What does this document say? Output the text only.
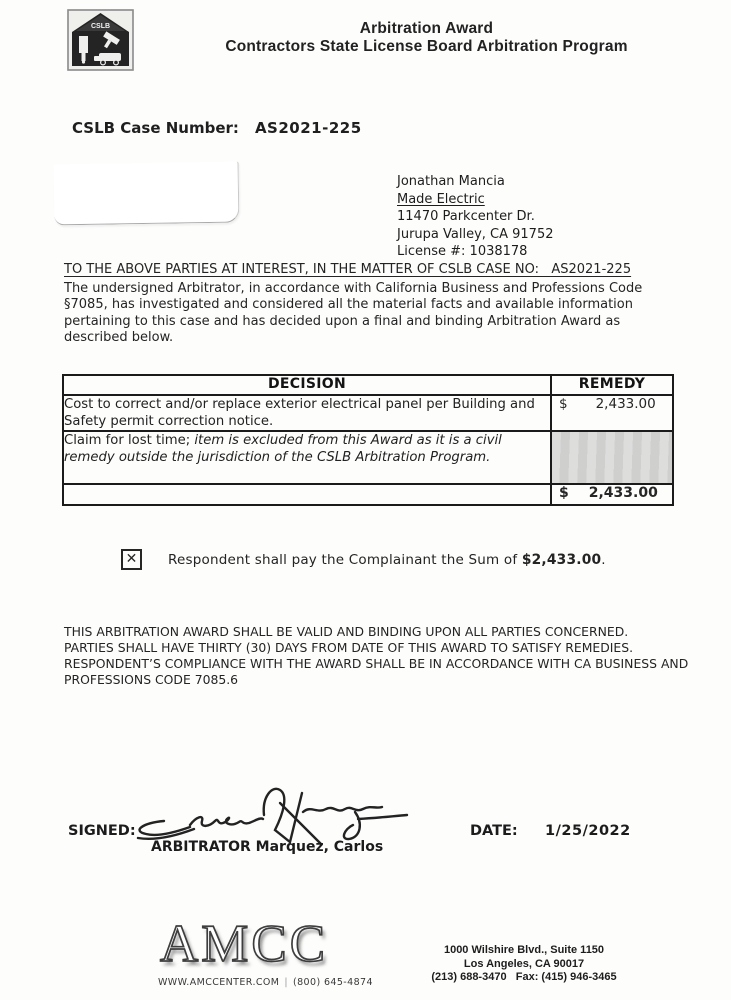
CSLB	Arbitration Award
Contractors State License Board Arbitration Program
CSLB Case Number: AS2021-225
Jonathan Mancia
Made Electric
11470 Parkcenter Dr.
Jurupa Valley, CA 91752
License #: 1038178
TO THE ABOVE PARTIES AT INTEREST, IN THE MATTER OF CSLB CASE NO:   AS2021-225
The undersigned Arbitrator, in accordance with California Business and Professions Code
§7085, has investigated and considered all the material facts and available information
pertaining to this case and has decided upon a final and binding Arbitration Award as
described below.
DECISION	REMEDY
Cost to correct and/or replace exterior electrical panel per Building and Safety permit correction notice.	$ 2,433.00

Claim for lost time; item is excluded from this Award as it is a civil remedy outside the jurisdiction of the CSLB Arbitration Program.	

	$ 2,433.00
✕	Respondent shall pay the Complainant the Sum of $2,433.00.
THIS ARBITRATION AWARD SHALL BE VALID AND BINDING UPON ALL PARTIES CONCERNED.
PARTIES SHALL HAVE THIRTY (30) DAYS FROM DATE OF THIS AWARD TO SATISFY REMEDIES.
RESPONDENT’S COMPLIANCE WITH THE AWARD SHALL BE IN ACCORDANCE WITH CA BUSINESS AND
PROFESSIONS CODE 7085.6
SIGNED:
ARBITRATOR Marquez, Carlos
DATE: 1/25/2022
AMCC
WWW.AMCCENTER.COM | (800) 645-4874
1000 Wilshire Blvd., Suite 1150
Los Angeles, CA 90017
(213) 688-3470   Fax: (415) 946-3465
